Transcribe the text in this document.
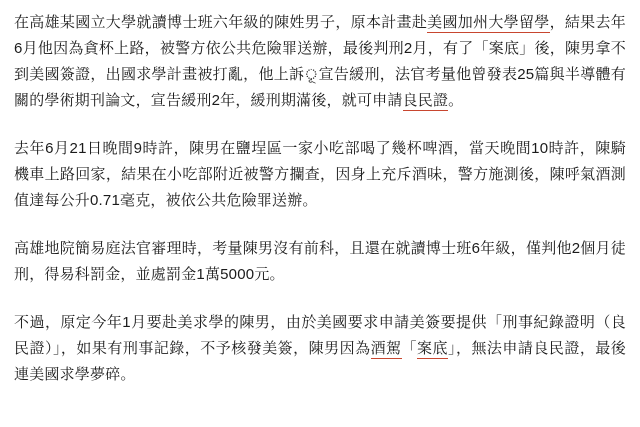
在高雄某國立大學就讀博士班六年級的陳姓男子，原本計畫赴美國加州大學留學，結果去年6月他因為貪杯上路，被警方依公共危險罪送辦，最後判刑2月，有了「案底」後，陳男拿不到美國簽證，出國求學計畫被打亂，他上訴ূ宣告緩刑，法官考量他曾發表25篇與半導體有關的學術期刊論文，宣告緩刑2年，緩刑期滿後，就可申請良民證。

去年6月21日晚間9時許，陳男在鹽埕區一家小吃部喝了幾杯啤酒，當天晚間10時許，陳騎機車上路回家，結果在小吃部附近被警方攔查，因身上充斥酒味，警方施測後，陳呼氣酒測值達每公升0.71毫克，被依公共危險罪送辦。

高雄地院簡易庭法官審理時，考量陳男沒有前科，且還在就讀博士班6年級，僅判他2個月徒刑，得易科罰金，並處罰金1萬5000元。

不過，原定今年1月要赴美求學的陳男，由於美國要求申請美簽要提供「刑事紀錄證明（良民證）」，如果有刑事記錄，不予核發美簽，陳男因為酒駕「案底」，無法申請良民證，最後連美國求學夢碎。
